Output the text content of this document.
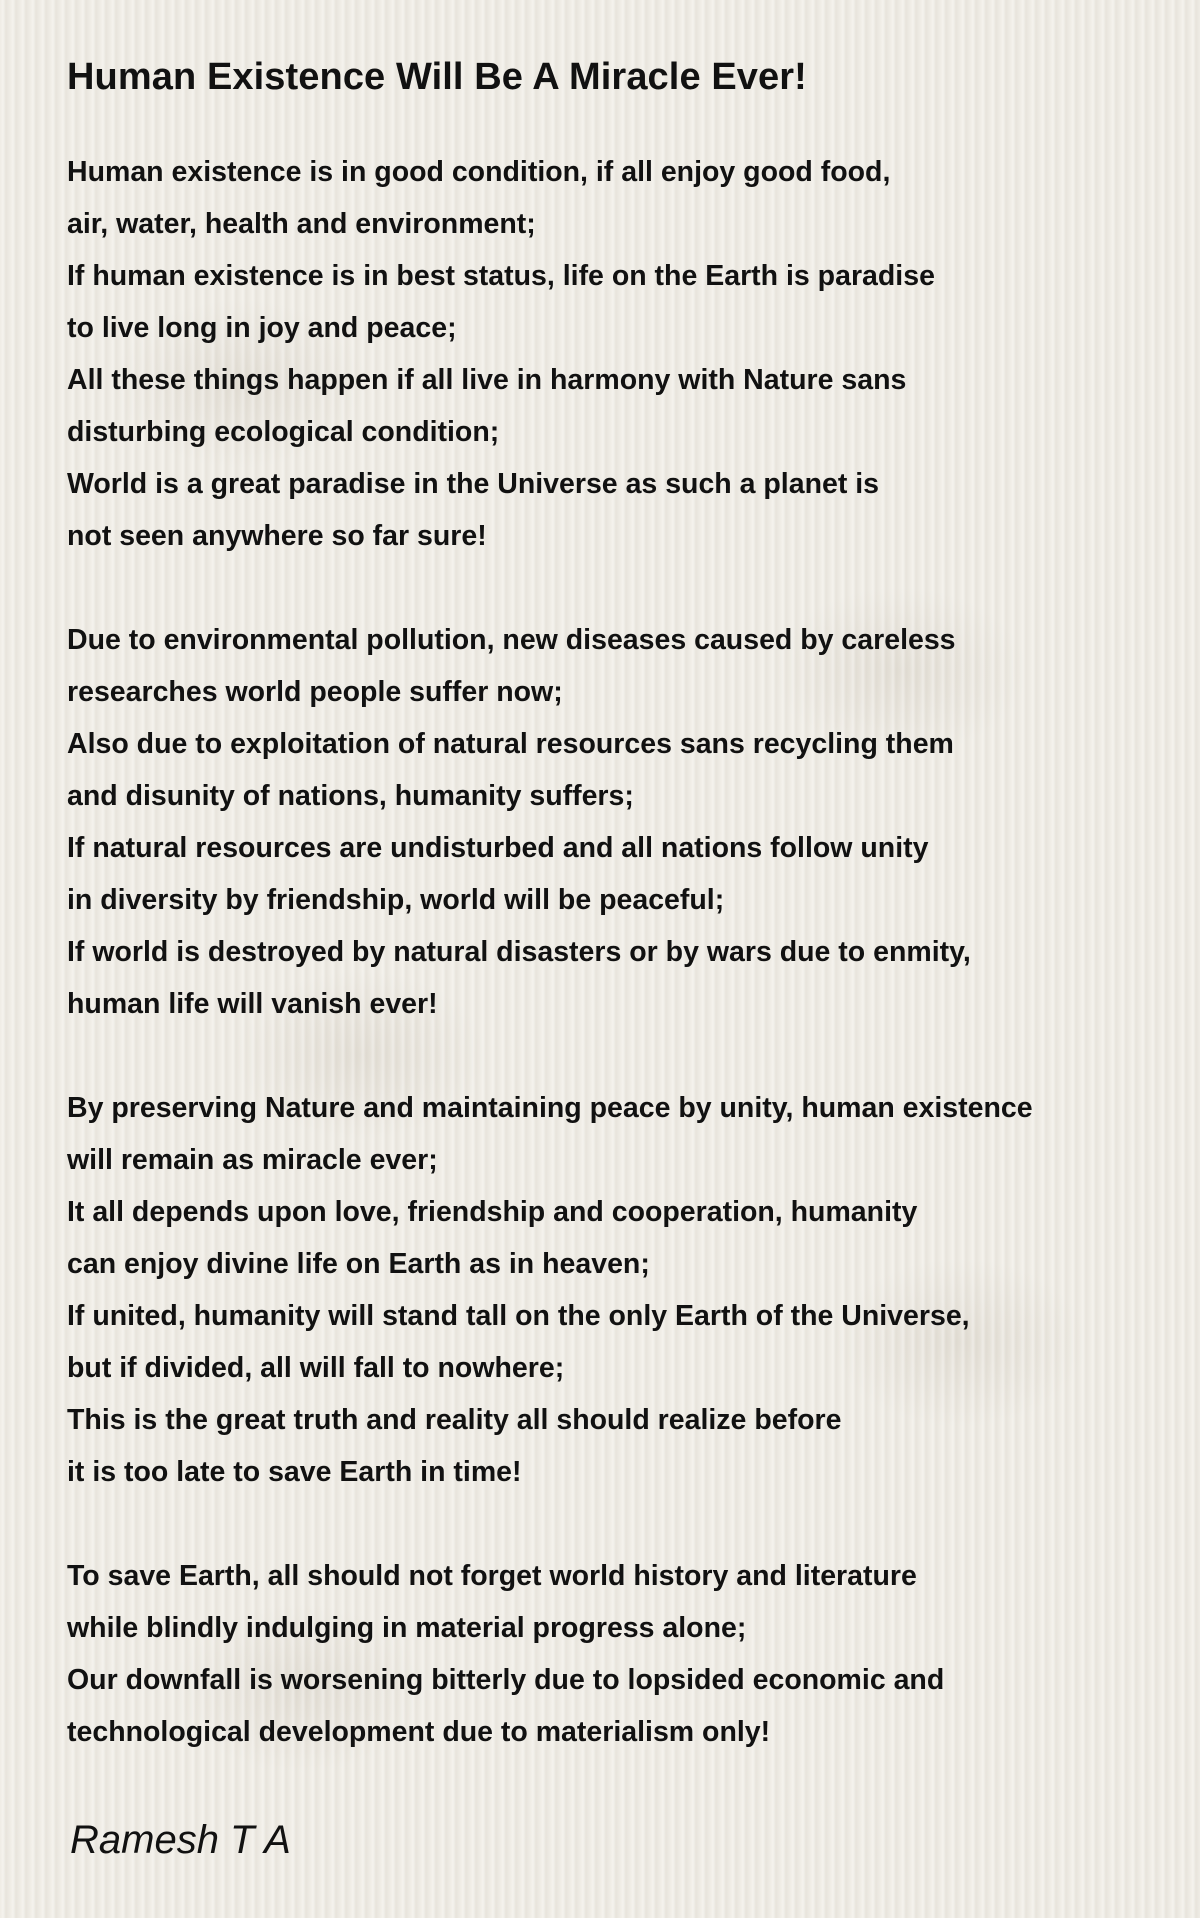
Human Existence Will Be A Miracle Ever!
Human existence is in good condition, if all enjoy good food,
air, water, health and environment;
If human existence is in best status, life on the Earth is paradise
to live long in joy and peace;
All these things happen if all live in harmony with Nature sans
disturbing ecological condition;
World is a great paradise in the Universe as such a planet is
not seen anywhere so far sure!
Due to environmental pollution, new diseases caused by careless
researches world people suffer now;
Also due to exploitation of natural resources sans recycling them
and disunity of nations, humanity suffers;
If natural resources are undisturbed and all nations follow unity
in diversity by friendship, world will be peaceful;
If world is destroyed by natural disasters or by wars due to enmity,
human life will vanish ever!
By preserving Nature and maintaining peace by unity, human existence
will remain as miracle ever;
It all depends upon love, friendship and cooperation, humanity
can enjoy divine life on Earth as in heaven;
If united, humanity will stand tall on the only Earth of the Universe,
but if divided, all will fall to nowhere;
This is the great truth and reality all should realize before
it is too late to save Earth in time!
To save Earth, all should not forget world history and literature
while blindly indulging in material progress alone;
Our downfall is worsening bitterly due to lopsided economic and
technological development due to materialism only!
Ramesh T A
